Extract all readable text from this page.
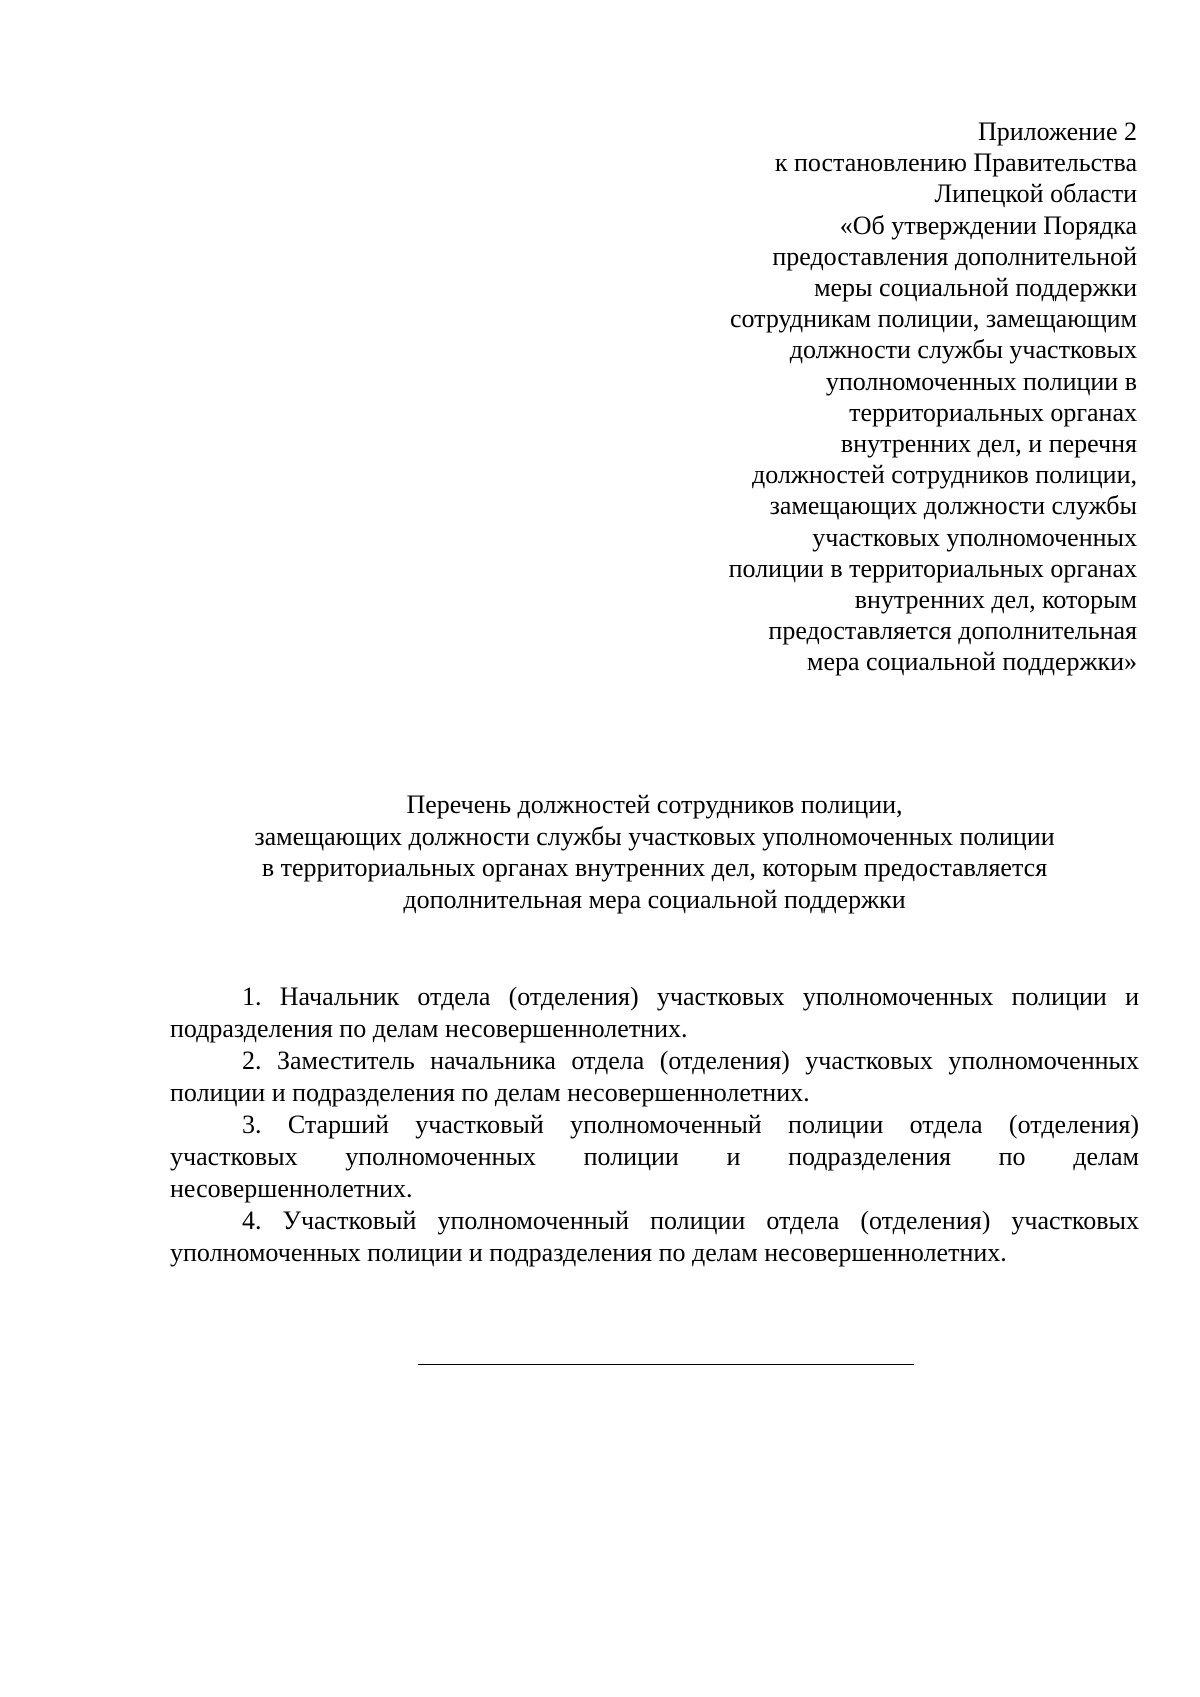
Приложение 2
к постановлению Правительства
Липецкой области
«Об утверждении Порядка
предоставления дополнительной
меры социальной поддержки
сотрудникам полиции, замещающим
должности службы участковых
уполномоченных полиции в
территориальных органах
внутренних дел, и перечня
должностей сотрудников полиции,
замещающих должности службы
участковых уполномоченных
полиции в территориальных органах
внутренних дел, которым
предоставляется дополнительная
мера социальной поддержки»
Перечень должностей сотрудников полиции,
замещающих должности службы участковых уполномоченных полиции
в территориальных органах внутренних дел, которым предоставляется
дополнительная мера социальной поддержки

1. Начальник отдела (отделения) участковых уполномоченных полиции и подразделения по делам несовершеннолетних.

2. Заместитель начальника отдела (отделения) участковых уполномоченных полиции и подразделения по делам несовершеннолетних.

3. Старший участковый уполномоченный полиции отдела (отделения) участковых уполномоченных полиции и подразделения по делам несовершеннолетних.

4. Участковый уполномоченный полиции отдела (отделения) участковых уполномоченных полиции и подразделения по делам несовершеннолетних.
